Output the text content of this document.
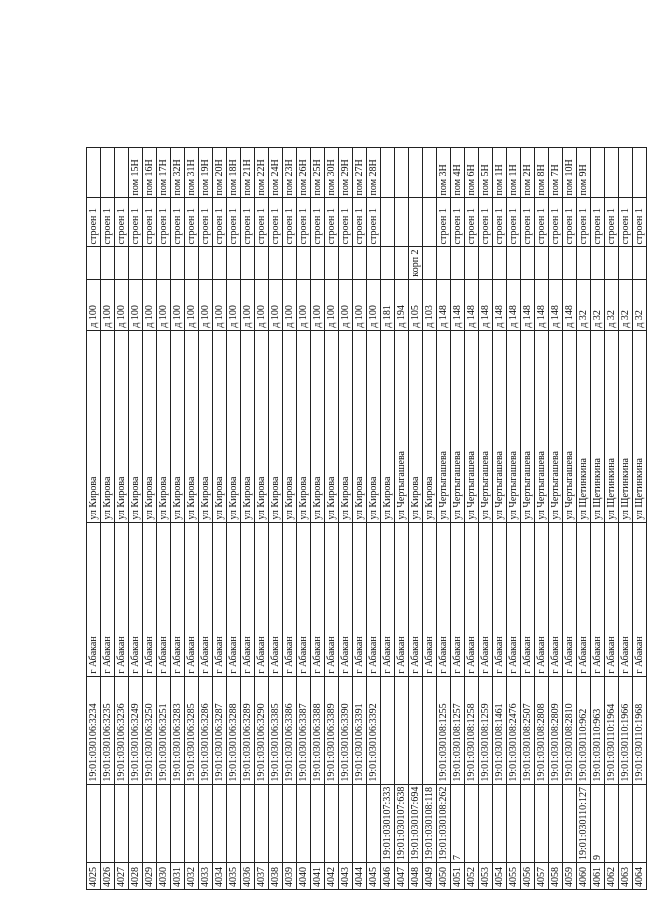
4025		19:01:030106:3234	г Абакан	ул Кирова	д 100		строен 1	
4026		19:01:030106:3235	г Абакан	ул Кирова	д 100		строен 1	
4027		19:01:030106:3236	г Абакан	ул Кирова	д 100		строен 1	
4028		19:01:030106:3249	г Абакан	ул Кирова	д 100		строен 1	пом 15Н
4029		19:01:030106:3250	г Абакан	ул Кирова	д 100		строен 1	пом 16Н
4030		19:01:030106:3251	г Абакан	ул Кирова	д 100		строен 1	пом 17Н
4031		19:01:030106:3283	г Абакан	ул Кирова	д 100		строен 1	пом 32Н
4032		19:01:030106:3285	г Абакан	ул Кирова	д 100		строен 1	пом 31Н
4033		19:01:030106:3286	г Абакан	ул Кирова	д 100		строен 1	пом 19Н
4034		19:01:030106:3287	г Абакан	ул Кирова	д 100		строен 1	пом 20Н
4035		19:01:030106:3288	г Абакан	ул Кирова	д 100		строен 1	пом 18Н
4036		19:01:030106:3289	г Абакан	ул Кирова	д 100		строен 1	пом 21Н
4037		19:01:030106:3290	г Абакан	ул Кирова	д 100		строен 1	пом 22Н
4038		19:01:030106:3385	г Абакан	ул Кирова	д 100		строен 1	пом 24Н
4039		19:01:030106:3386	г Абакан	ул Кирова	д 100		строен 1	пом 23Н
4040		19:01:030106:3387	г Абакан	ул Кирова	д 100		строен 1	пом 26Н
4041		19:01:030106:3388	г Абакан	ул Кирова	д 100		строен 1	пом 25Н
4042		19:01:030106:3389	г Абакан	ул Кирова	д 100		строен 1	пом 30Н
4043		19:01:030106:3390	г Абакан	ул Кирова	д 100		строен 1	пом 29Н
4044		19:01:030106:3391	г Абакан	ул Кирова	д 100		строен 1	пом 27Н
4045		19:01:030106:3392	г Абакан	ул Кирова	д 100		строен 1	пом 28Н
4046	19:01:030107:333		г Абакан	ул Кирова	д 181			
4047	19:01:030107:638		г Абакан	ул Чертыгашева	д 194			
4048	19:01:030107:694		г Абакан	ул Кирова	д 105	корп 2		
4049	19:01:030108:118		г Абакан	ул Кирова	д 103			
4050	19:01:030108:262	19:01:030108:1255	г Абакан	ул Чертыгашева	д 148		строен 1	пом 3Н
4051	7	19:01:030108:1257	г Абакан	ул Чертыгашева	д 148		строен 1	пом 4Н
4052		19:01:030108:1258	г Абакан	ул Чертыгашева	д 148		строен 1	пом 6Н
4053		19:01:030108:1259	г Абакан	ул Чертыгашева	д 148		строен 1	пом 5Н
4054		19:01:030108:1461	г Абакан	ул Чертыгашева	д 148		строен 1	пом 1Н
4055		19:01:030108:2476	г Абакан	ул Чертыгашева	д 148		строен 1	пом 1Н
4056		19:01:030108:2507	г Абакан	ул Чертыгашева	д 148		строен 1	пом 2Н
4057		19:01:030108:2808	г Абакан	ул Чертыгашева	д 148		строен 1	пом 8Н
4058		19:01:030108:2809	г Абакан	ул Чертыгашева	д 148		строен 1	пом 7Н
4059		19:01:030108:2810	г Абакан	ул Чертыгашева	д 148		строен 1	пом 10Н
4060	19:01:030110:127	19:01:030110:962	г Абакан	ул Щетинкина	д 32		строен 1	пом 9Н
4061	9	19:01:030110:963	г Абакан	ул Щетинкина	д 32		строен 1	
4062		19:01:030110:1964	г Абакан	ул Щетинкина	д 32		строен 1	
4063		19:01:030110:1966	г Абакан	ул Щетинкина	д 32		строен 1	
4064		19:01:030110:1968	г Абакан	ул Щетинкина	д 32		строен 1	
